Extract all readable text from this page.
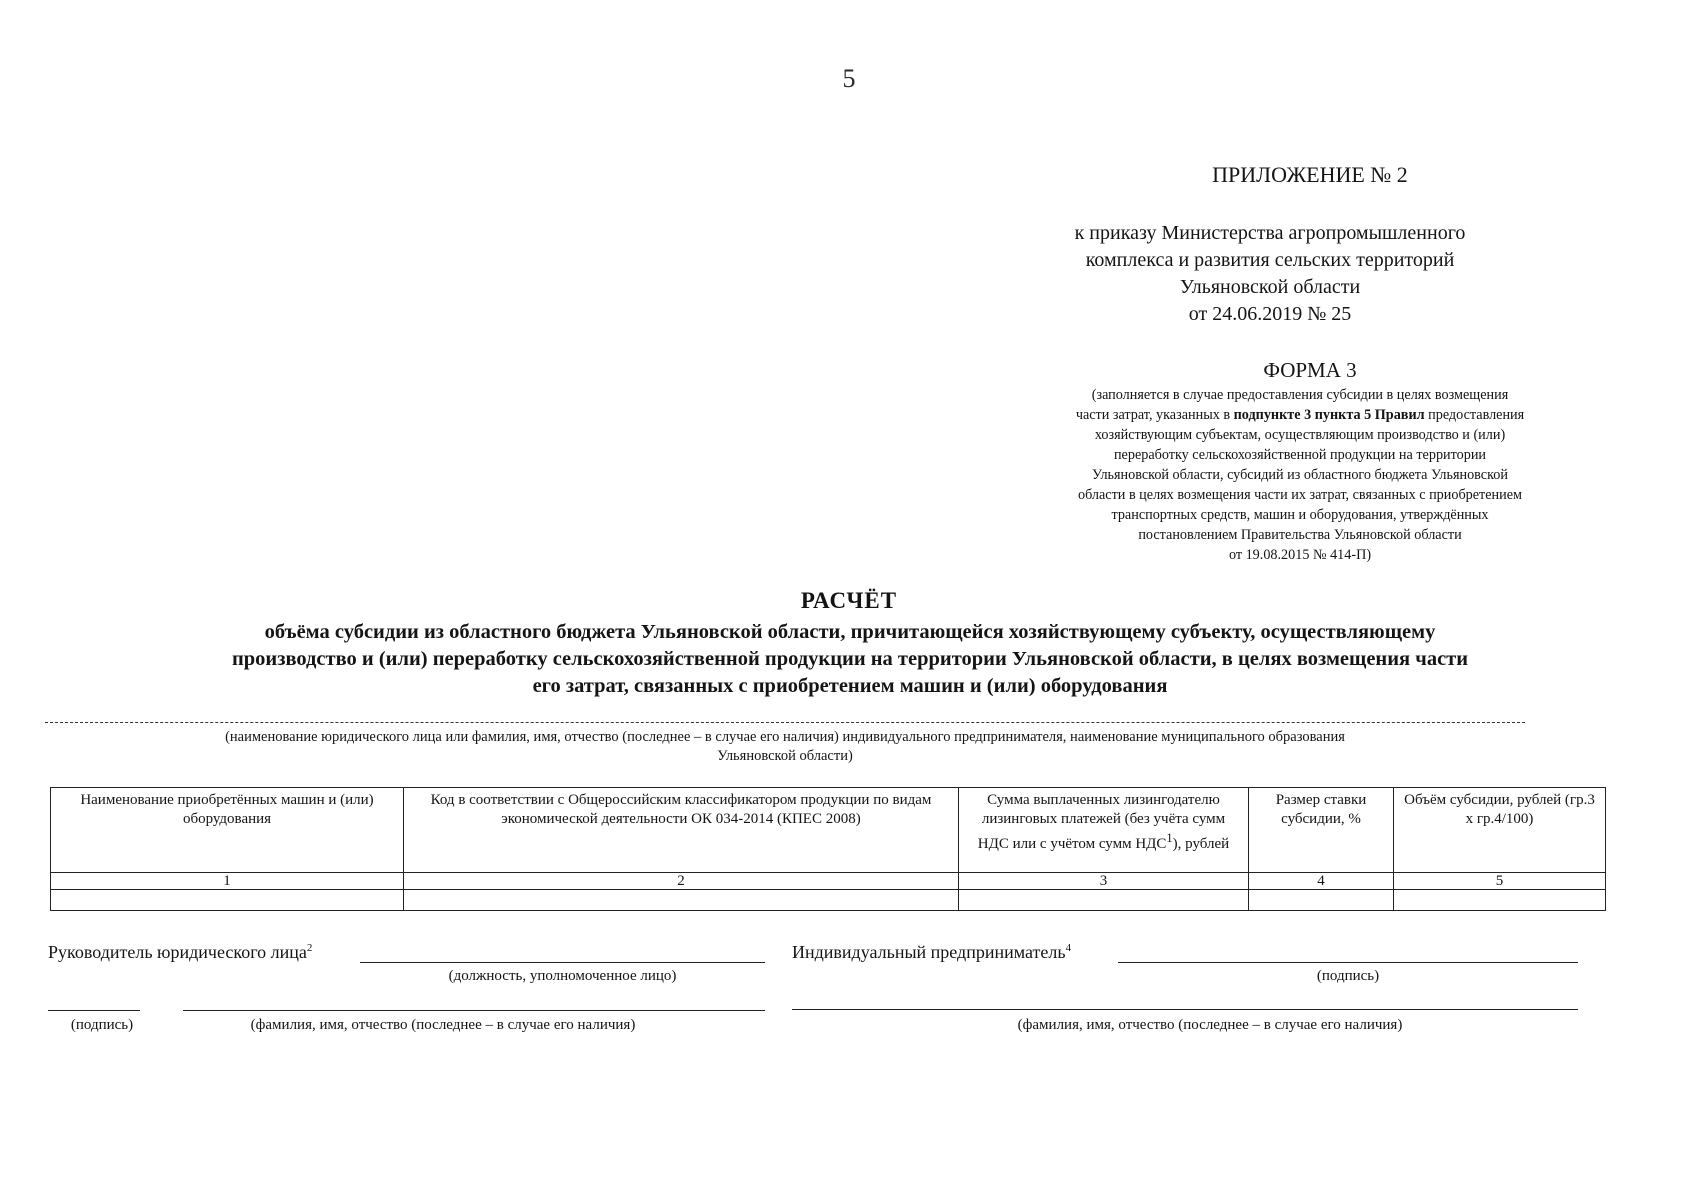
5
ПРИЛОЖЕНИЕ № 2
к приказу Министерства агропромышленного
комплекса и развития сельских территорий
Ульяновской области
от 24.06.2019 № 25
ФОРМА 3
(заполняется в случае предоставления субсидии в целях возмещения
части затрат, указанных в подпункте 3 пункта 5 Правил предоставления
хозяйствующим субъектам, осуществляющим производство и (или)
переработку сельскохозяйственной продукции на территории
Ульяновской области, субсидий из областного бюджета Ульяновской
области в целях возмещения части их затрат, связанных с приобретением
транспортных средств, машин и оборудования, утверждённых
постановлением Правительства Ульяновской области
от 19.08.2015 № 414-П)
РАСЧЁТ
объёма субсидии из областного бюджета Ульяновской области, причитающейся хозяйствующему субъекту, осуществляющему
производство и (или) переработку сельскохозяйственной продукции на территории Ульяновской области, в целях возмещения части
его затрат, связанных с приобретением машин и (или) оборудования
(наименование юридического лица или фамилия, имя, отчество (последнее – в случае его наличия) индивидуального предпринимателя, наименование муниципального образования
Ульяновской области)
Наименование приобретённых машин и (или) оборудования	Код в соответствии с Общероссийским классификатором продукции по видам экономической деятельности ОК 034-2014 (КПЕС 2008)	Сумма выплаченных лизингодателю лизинговых платежей (без учёта сумм НДС или с учётом сумм НДС$^1$), рублей	Размер ставки субсидии, %	Объём субсидии, рублей (гр.3 х гр.4/100)
1	2	3	4	5

Руководитель юридического лица$^2$
(должность, уполномоченное лицо)
(подпись)	(фамилия, имя, отчество (последнее – в случае его наличия)
Индивидуальный предприниматель$^4$
(подпись)
(фамилия, имя, отчество (последнее – в случае его наличия)
